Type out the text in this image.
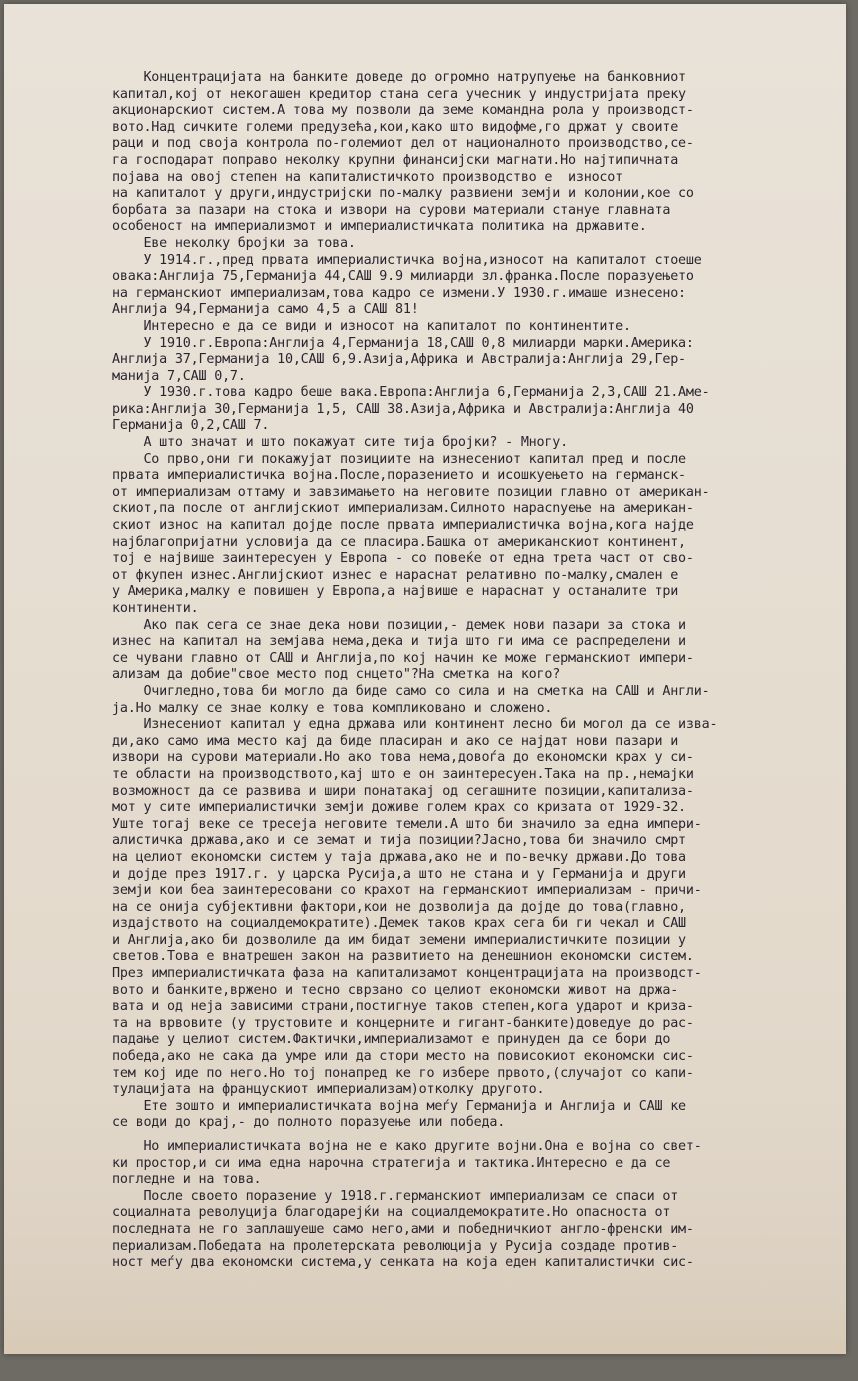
Концентрацијата на банките доведе до огромно натрупуење на банковниот

капитал,кој от некогашен кредитор стана сега учесник у индустријата преку

акционарскиот систем.А това му позволи да земе командна рола у производст-

вото.Над сичките големи предузећа,кои,како што видофме,го држат у своите

раци и под своја контрола по-големиот дел от националното производство,се-

га господарат поправо неколку крупни финансијски магнати.Но најтипичната

појава на овој степен на капиталистичкото производство е  износот

на капиталот у други,индустријски по-малку развиени земји и колонии,кое со

борбата за пазари на стока и извори на сурови материали стануе главната

особеност на империализмот и империалистичката политика на државите.

Еве неколку бројки за това.

У 1914.г.,пред првата империалистичка војна,износот на капиталот стоеше

овака:Англија 75,Германија 44,САШ 9.9 милиарди зл.франка.После поразуењето

на германскиот империализам,това кадро се измени.У 1930.г.имаше изнесено:

Англија 94,Германија само 4,5 а САШ 81!

Интересно е да се види и износот на капиталот по континентите.

У 1910.г.Европа:Англија 4,Германија 18,САШ 0,8 милиарди марки.Америка:

Англија 37,Германија 10,САШ 6,9.Азија,Африка и Австралија:Англија 29,Гер-

манија 7,САШ 0,7.

У 1930.г.това кадро беше вака.Европа:Англија 6,Германија 2,3,САШ 21.Аме-

рика:Англија 30,Германија 1,5, САШ 38.Азија,Африка и Австралија:Англија 40

Германија 0,2,САШ 7.

А што значат и што покажуат сите тија бројки? - Многу.

Со прво,они ги покажујат позициите на изнесениот капитал пред и после

првата империалистичка војна.После,поразението и исошкуењето на германск-

от империализам оттаму и завзимањето на неговите позиции главно от американ-

скиот,па после от англијскиот империализам.Силното нарасnуење на американ-

скиот износ на капитал дојде после првата империалистичка војна,кога најде

најблагопријатни условија да се пласира.Башка от американскиот континент,

тој е највише заинтересуен у Европа - со повеќе от една трета част от сво-

от фкупен изнес.Англијскиот изнес е нараснат релативно по-малку,смален е

у Америка,малку е повишен у Европа,а највише е нараснат у останалите три

континенти.

Ако пак сега се знае дека нови позиции,- демек нови пазари за стока и

изнес на капитал на земјава нема,дека и тија што ги има се распределени и

се чувани главно от САШ и Англија,по кој начин ке може германскиот импери-

ализам да добие"свое место под снцето"?На сметка на кого?

Очигледно,това би могло да биде само со сила и на сметка на САШ и Англи-

ја.Но малку се знае колку е това компликовано и сложено.

Изнесениот капитал у една држава или континент лесно би могол да се изва-

ди,ако само има место кај да биде пласиран и ако се најдат нови пазари и

извори на сурови материали.Но ако това нема,довоѓа до економски крах у си-

те области на производството,кај што е он заинтересуен.Така на пр.,немајки

возможност да се развива и шири понатакај од сегашните позиции,капитализа-

мот у сите империалистички земји доживе голем крах со кризата от 1929-32.

Уште тогај веке се тресеја неговите темели.А што би значило за една импери-

алистичка држава,ако и се земат и тија позиции?Јасно,това би значило смрт

на целиот економски систем у таја држава,ако не и по-вечку држави.До това

и дојде през 1917.г. у царска Русија,а што не стана и у Германија и други

земји кои беа заинтересовани со крахот на германскиот империализам - причи-

на се онија субјективни фактори,кои не дозволија да дојде до това(главно,

издајството на социалдемократите).Демек таков крах сега би ги чекал и САШ

и Англија,ако би дозволиле да им бидат земени империалистичките позиции у

светов.Това е внатрешен закон на развитието на денешнион економски систем.

През империалистичката фаза на капитализамот концентрацијата на производст-

вото и банките,вржено и тесно сврзано со целиот економски живот на држа-

вата и од неја зависими страни,постигнуе таков степен,кога ударот и криза-

та на врвовите (у трустовите и концерните и гигант-банките)доведуе до рас-

падање у целиот систем.Фактички,империализамот е принуден да се бори до

победа,ако не сака да умре или да стори место на повисокиот економски сис-

тем кој иде по него.Но тој понапред ке го избере првото,(случајот со капи-

тулацијата на францускиот империализам)отколку другото.

Ете зошто и империалистичката војна меѓу Германија и Англија и САШ ке

се води до крај,- до полното поразуење или победа.

Но империалистичката војна не е како другите војни.Она е војна со свет-

ки простор,и си има една нарочна стратегија и тактика.Интересно е да се

погледне и на това.

После своето поразение у 1918.г.германскиот империализам се спаси от

социалната револуција благодарејќи на социалдемократите.Но опасноста от

последната не го заплашуеше само него,ами и победничкиот англо-френски им-

периализам.Победата на пролетерската революција у Русија создаде против-

ност меѓу два економски система,у сенката на која еден капиталистички сис-
